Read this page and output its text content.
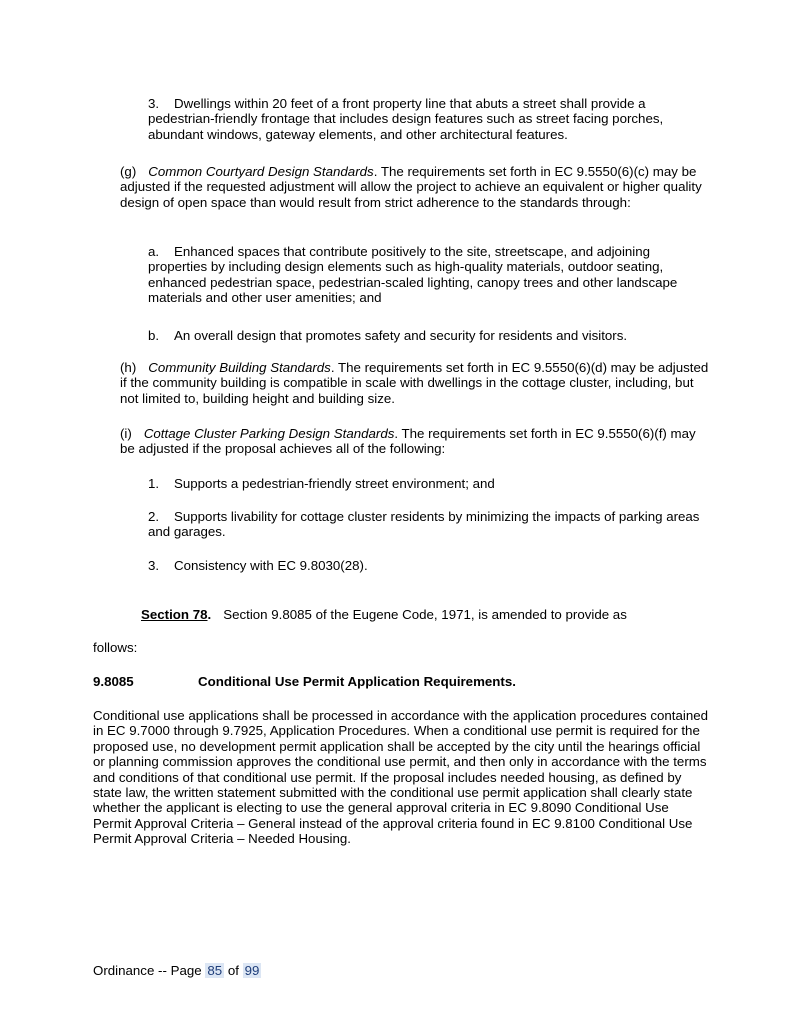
3. Dwellings within 20 feet of a front property line that abuts a street shall provide a pedestrian-friendly frontage that includes design features such as street facing porches, abundant windows, gateway elements, and other architectural features.

(g) Common Courtyard Design Standards. The requirements set forth in EC 9.5550(6)(c) may be adjusted if the requested adjustment will allow the project to achieve an equivalent or higher quality design of open space than would result from strict adherence to the standards through:

a. Enhanced spaces that contribute positively to the site, streetscape, and adjoining properties by including design elements such as high-quality materials, outdoor seating, enhanced pedestrian space, pedestrian-scaled lighting, canopy trees and other landscape materials and other user amenities; and

b. An overall design that promotes safety and security for residents and visitors.

(h) Community Building Standards. The requirements set forth in EC 9.5550(6)(d) may be adjusted if the community building is compatible in scale with dwellings in the cottage cluster, including, but not limited to, building height and building size.

(i) Cottage Cluster Parking Design Standards. The requirements set forth in EC 9.5550(6)(f) may be adjusted if the proposal achieves all of the following:

1. Supports a pedestrian-friendly street environment; and

2. Supports livability for cottage cluster residents by minimizing the impacts of parking areas and garages.

3. Consistency with EC 9.8030(28).

Section 78. Section 9.8085 of the Eugene Code, 1971, is amended to provide as

follows:

9.8085	Conditional Use Permit Application Requirements.

Conditional use applications shall be processed in accordance with the application procedures contained in EC 9.7000 through 9.7925, Application Procedures. When a conditional use permit is required for the proposed use, no development permit application shall be accepted by the city until the hearings official or planning commission approves the conditional use permit, and then only in accordance with the terms and conditions of that conditional use permit. If the proposal includes needed housing, as defined by state law, the written statement submitted with the conditional use permit application shall clearly state whether the applicant is electing to use the general approval criteria in EC 9.8090 Conditional Use Permit Approval Criteria – General instead of the approval criteria found in EC 9.8100 Conditional Use Permit Approval Criteria – Needed Housing.

Ordinance -- Page 85 of 99
